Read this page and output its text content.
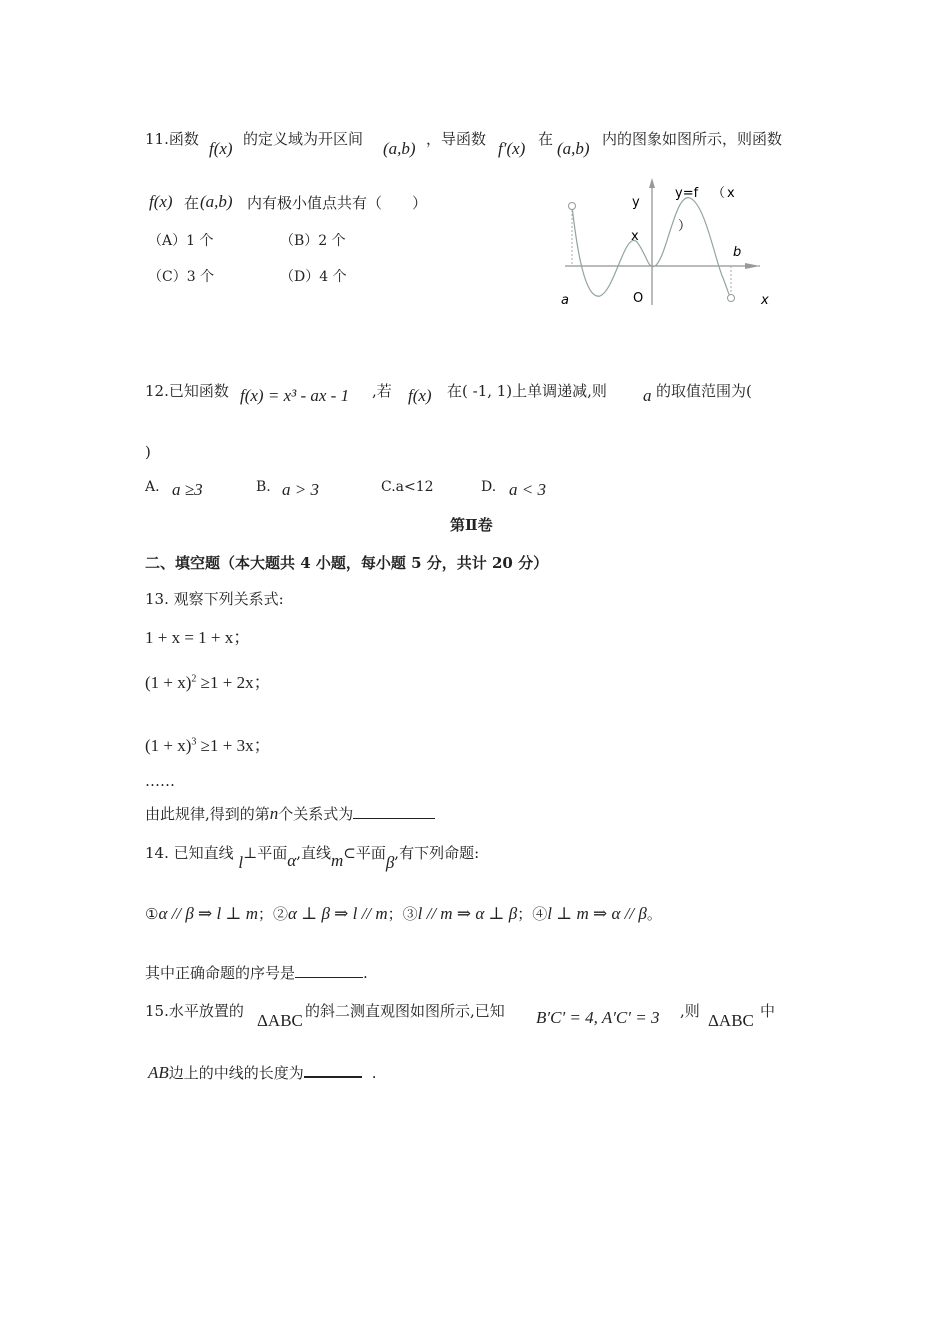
11.函数 f(x) 的定义域为开区间 (a,b) ，导函数 f′(x) 在 (a,b) 内的图象如图所示，则函数
f(x) 在 (a,b) 内有极小值点共有（　　）
（A）1 个	（B）2 个
（C）3 个	（D）4 个
y
y=f （ x
x
）
b
a	O	x
12.已知函数 f(x) = x³ - ax - 1 ,若 f(x) 在( -1, 1)上单调递减,则 a 的取值范围为(
)
A. a ≥3	B. a > 3	C.a<12	D. a < 3
第Ⅱ卷
二、填空题（本大题共 4 小题，每小题 5 分，共计 20 分）
13. 观察下列关系式:
1 + x = 1 + x；
$(1 + x)^2 \ge 1 + 2x$；
$(1 + x)^3 \ge 1 + 3x$；
……
由此规律,得到的第n个关系式为
14. 已知直线 l⊥平面α,直线m⊂平面β,有下列命题:
①α // β ⇒ l ⊥ m；②α ⊥ β ⇒ l // m；③l // m ⇒ α ⊥ β；④l ⊥ m ⇒ α // β。
其中正确命题的序号是	.
15.水平放置的 ΔABC 的斜二测直观图如图所示,已知 B′C′ = 4, A′C′ = 3 ,则 ΔABC 中
AB边上的中线的长度为	.
